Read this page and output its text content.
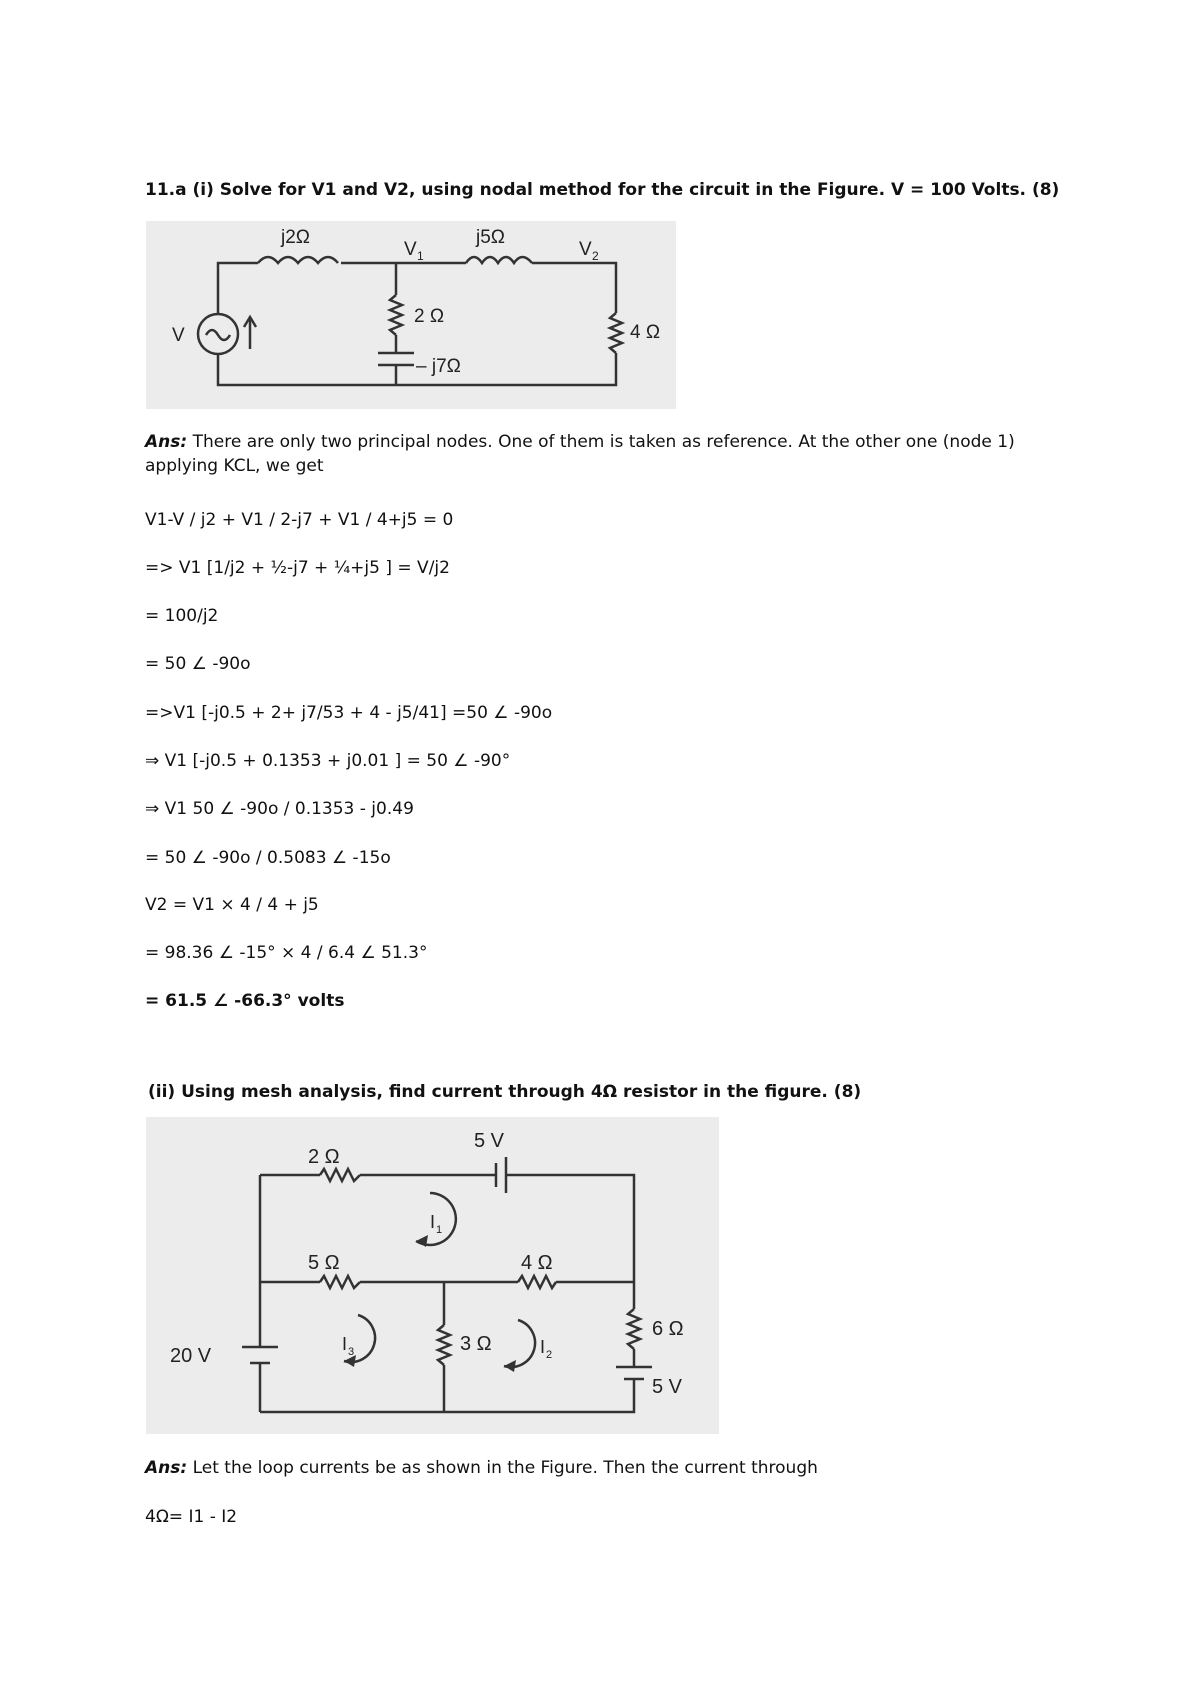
11.a (i) Solve for V1 and V2, using nodal method for the circuit in the Figure. V = 100 Volts. (8)
j2Ω
V 1
j5Ω
V 2
2 Ω
– j7Ω
4 Ω
V
Ans: There are only two principal nodes. One of them is taken as reference. At the other one (node 1) applying KCL, we get
V1-V / j2 + V1 / 2-j7 + V1 / 4+j5 = 0
=> V1 [1/j2 + ½-j7 + ¼+j5 ] = V/j2
= 100/j2
= 50 ∠ -90o
=>V1 [-j0.5 + 2+ j7/53 + 4 - j5/41] =50 ∠ -90o
⇒ V1 [-j0.5 + 0.1353 + j0.01 ] = 50 ∠ -90°
⇒ V1 50 ∠ -90o / 0.1353 - j0.49
= 50 ∠ -90o / 0.5083 ∠ -15o
V2 = V1 × 4 / 4 + j5
= 98.36 ∠ -15° × 4 / 6.4 ∠ 51.3°
= 61.5 ∠ -66.3° volts
(ii) Using mesh analysis, find current through 4Ω resistor in the figure. (8)
2 Ω
5 V
5 Ω	4 Ω
3 Ω
6 Ω
5 V
20 V
I 1
I 2
I 3
Ans: Let the loop currents be as shown in the Figure. Then the current through
4Ω= I1 - I2
